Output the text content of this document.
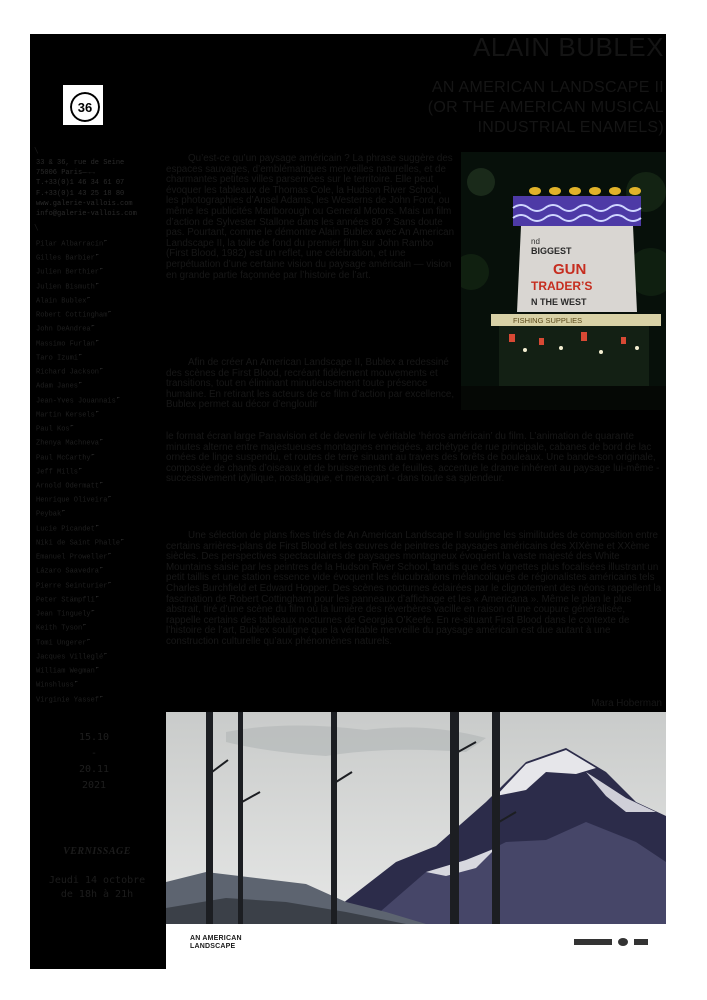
36
\
33 & 36, rue de Seine
75006 Paris—→→
T.+33(0)1 46 34 61 07
F.+33(0)1 43 25 18 80
www.galerie-vallois.com
info@galerie-vallois.com
\
Pilar Albarracín⌐
Gilles Barbier⌐
Julien Berthier⌐
Julien Bismuth⌐
Alain Bublex⌐
Robert Cottingham⌐
John DeAndrea⌐
Massimo Furlan⌐
Taro Izumi⌐
Richard Jackson⌐
Adam Janes⌐
Jean-Yves Jouannais⌐
Martin Kersels⌐
Paul Kos⌐
Zhenya Machneva⌐
Paul McCarthy⌐
Jeff Mills⌐
Arnold Odermatt⌐
Henrique Oliveira⌐
Peybak⌐
Lucie Picandet⌐
Niki de Saint Phalle⌐
Emanuel Proweller⌐
Lázaro Saavedra⌐
Pierre Seinturier⌐
Peter Stämpfli⌐
Jean Tinguely⌐
Keith Tyson⌐
Tomi Ungerer⌐
Jacques Villeglé⌐
William Wegman⌐
Winshluss⌐
Virginie Yassef⌐
15.10
-
20.11
2021
VERNISSAGE
Jeudi 14 octobre
de 18h à 21h
ALAIN BUBLEX
AN AMERICAN LANDSCAPE II
(OR THE AMERICAN MUSICAL
INDUSTRIAL ENAMELS)
nd
BIGGEST
GUN
TRADER’S
N THE WEST
FISHING SUPPLIES

Qu’est-ce qu’un paysage américain ? La phrase suggère des espaces sauvages, d’emblématiques merveilles naturelles, et de charmantes petites villes parsemées sur le territoire. Elle peut évoquer les tableaux de Thomas Cole, la Hudson River School, les photographies d’Ansel Adams, les Westerns de John Ford, ou même les publicités Marlborough ou General Motors. Mais un film d’action de Sylvester Stallone dans les années 80 ? Sans doute pas. Pourtant, comme le démontre Alain Bublex avec An American Landscape II, la toile de fond du premier film sur John Rambo (First Blood, 1982) est un reflet, une célébration, et une perpétuation d’une certaine vision du paysage américain — vision en grande partie façonnée par l’histoire de l’art.

Afin de créer An American Landscape II, Bublex a redessiné des scènes de First Blood, recréant fidèlement mouvements et transitions, tout en éliminant minutieusement toute présence humaine. En retirant les acteurs de ce film d’action par excellence, Bublex permet au décor d’engloutir

le format écran large Panavision et de devenir le véritable ‘héros américain’ du film. L’animation de quarante minutes alterne entre majestueuses montagnes enneigées, archétype de rue principale, cabanes de bord de lac ornées de linge suspendu, et routes de terre sinuant au travers des forêts de bouleaux. Une bande-son originale, composée de chants d’oiseaux et de bruissements de feuilles, accentue le drame inhérent au paysage lui-même - successivement idyllique, nostalgique, et menaçant - dans toute sa splendeur.

Une sélection de plans fixes tirés de An American Landscape II souligne les similitudes de composition entre certains arrières-plans de First Blood et les œuvres de peintres de paysages américains des XIXème et XXème siècles. Des perspectives spectaculaires de paysages montagneux évoquent la vaste majesté des White Mountains saisie par les peintres de la Hudson River School, tandis que des vignettes plus focalisées illustrant un petit taillis et une station essence vide évoquent les élucubrations mélancoliques de régionalistes américains tels Charles Burchfield et Edward Hopper. Des scènes nocturnes éclairées par le clignotement des néons rappellent la fascination de Robert Cottingham pour les panneaux d’affichage et les « Americana ». Même le plan le plus abstrait, tiré d’une scène du film où la lumière des réverbères vacille en raison d’une coupure généralisée, rappelle certains des tableaux nocturnes de Georgia O’Keefe. En re-situant First Blood dans le contexte de l’histoire de l’art, Bublex souligne que la véritable merveille du paysage américain est due autant à une construction culturelle qu’aux phénomènes naturels.

Mara Hoberman
AN AMERICAN
LANDSCAPE
